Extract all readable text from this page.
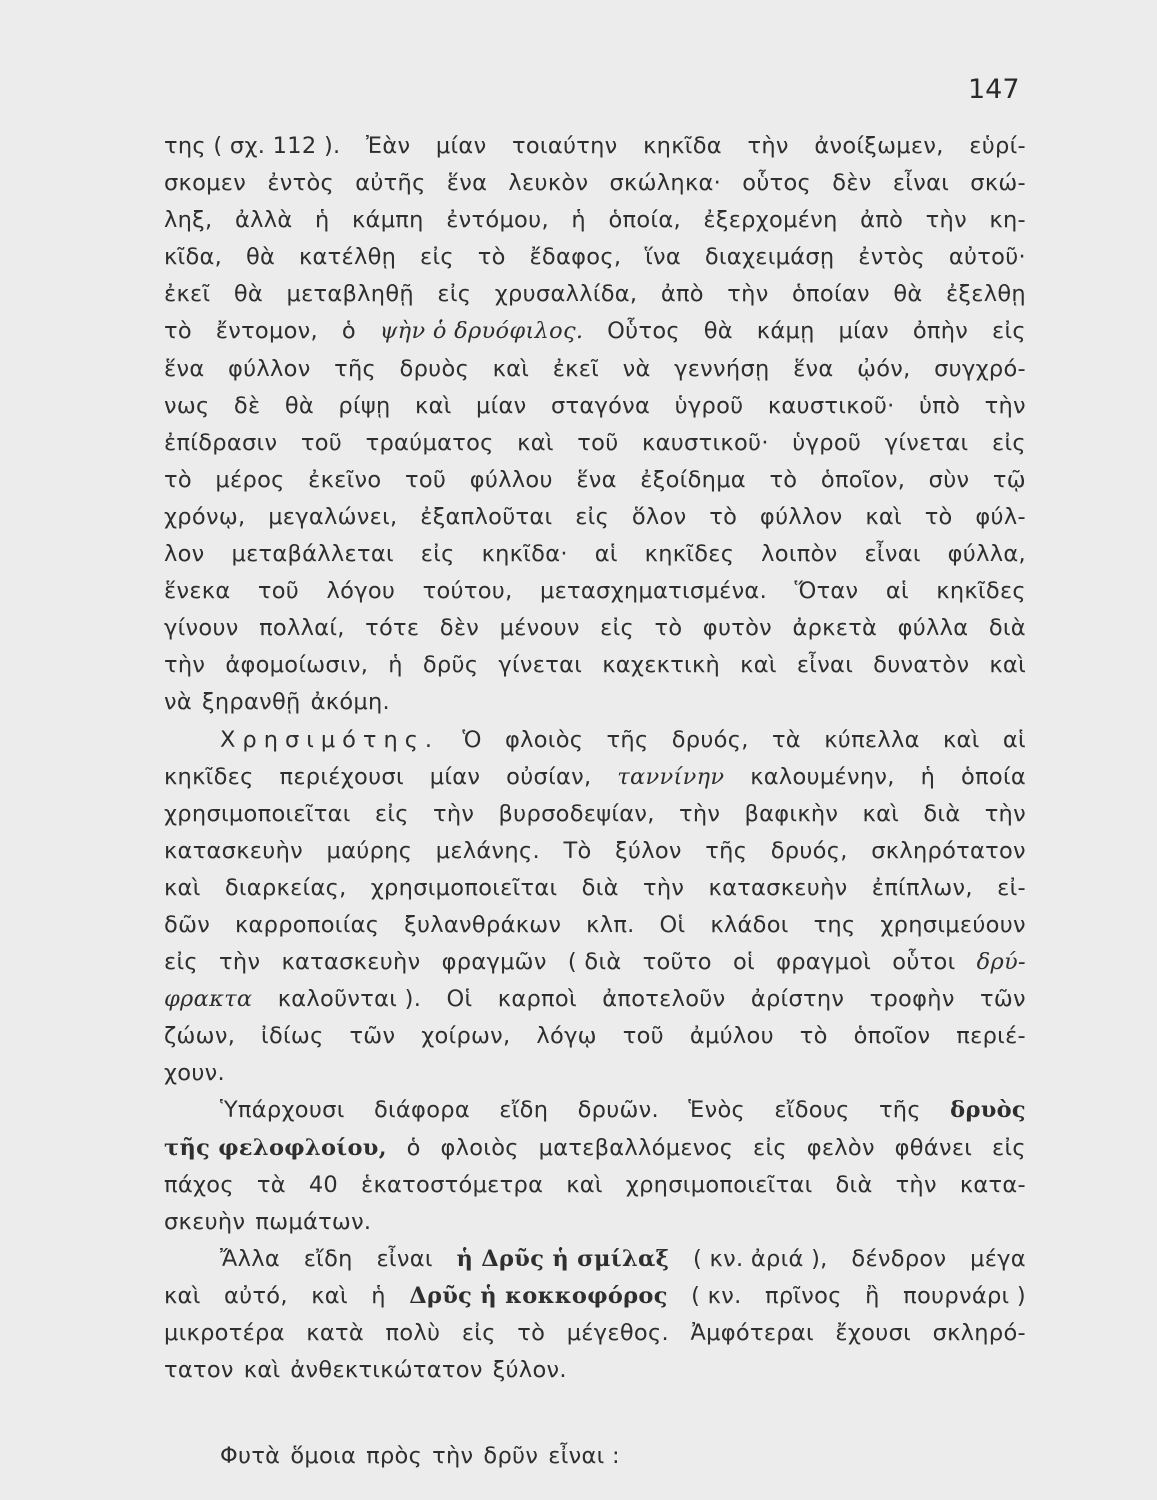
147
της ( σχ. 112 ). Ἐὰν μίαν τοιαύτην κηκῖδα τὴν ἀνοίξωμεν, εὑρί-
σκομεν ἐντὸς αὐτῆς ἕνα λευκὸν σκώληκα· οὗτος δὲν εἶναι σκώ-
ληξ, ἀλλὰ ἡ κάμπη ἐντόμου, ἡ ὁποία, ἐξερχομένη ἀπὸ τὴν κη-
κῖδα, θὰ κατέλθῃ εἰς τὸ ἔδαφος, ἵνα διαχειμάσῃ ἐντὸς αὐτοῦ·
ἐκεῖ θὰ μεταβληθῇ εἰς χρυσαλλίδα, ἀπὸ τὴν ὁποίαν θὰ ἐξελθῃ
τὸ ἔντομον, ὁ ψὴν ὁ δρυόφιλος. Οὗτος θὰ κάμῃ μίαν ὀπὴν εἰς
ἕνα φύλλον τῆς δρυὸς καὶ ἐκεῖ νὰ γεννήσῃ ἕνα ᾠόν, συγχρό-
νως δὲ θὰ ρίψῃ καὶ μίαν σταγόνα ὑγροῦ καυστικοῦ· ὑπὸ τὴν
ἐπίδρασιν τοῦ τραύματος καὶ τοῦ καυστικοῦ· ὑγροῦ γίνεται εἰς
τὸ μέρος ἐκεῖνο τοῦ φύλλου ἕνα ἐξοίδημα τὸ ὁποῖον, σὺν τῷ
χρόνῳ, μεγαλώνει, ἐξαπλοῦται εἰς ὅλον τὸ φύλλον καὶ τὸ φύλ-
λον μεταβάλλεται εἰς κηκῖδα· αἱ κηκῖδες λοιπὸν εἶναι φύλλα,
ἕνεκα τοῦ λόγου τούτου, μετασχηματισμένα. Ὅταν αἱ κηκῖδες
γίνουν πολλαί, τότε δὲν μένουν εἰς τὸ φυτὸν ἀρκετὰ φύλλα διὰ
τὴν ἀφομοίωσιν, ἡ δρῦς γίνεται καχεκτικὴ καὶ εἶναι δυνατὸν καὶ
νὰ ξηρανθῇ ἀκόμη.
Χρησιμότης. Ὁ φλοιὸς τῆς δρυός, τὰ κύπελλα καὶ αἱ
κηκῖδες περιέχουσι μίαν οὐσίαν, ταννίνην καλουμένην, ἡ ὁποία
χρησιμοποιεῖται εἰς τὴν βυρσοδεψίαν, τὴν βαφικὴν καὶ διὰ τὴν
κατασκευὴν μαύρης μελάνης. Τὸ ξύλον τῆς δρυός, σκληρότατον
καὶ διαρκείας, χρησιμοποιεῖται διὰ τὴν κατασκευὴν ἐπίπλων, εἰ-
δῶν καρροποιίας ξυλανθράκων κλπ. Οἱ κλάδοι της χρησιμεύουν
εἰς τὴν κατασκευὴν φραγμῶν ( διὰ τοῦτο οἱ φραγμοὶ οὗτοι δρύ-
φρακτα καλοῦνται ). Οἱ καρποὶ ἀποτελοῦν ἀρίστην τροφὴν τῶν
ζώων, ἰδίως τῶν χοίρων, λόγῳ τοῦ ἀμύλου τὸ ὁποῖον περιέ-
χουν.
Ὑπάρχουσι διάφορα εἴδη δρυῶν. Ἑνὸς εἴδους τῆς δρυὸς
τῆς φελοφλοίου, ὁ φλοιὸς ματεβαλλόμενος εἰς φελὸν φθάνει εἰς
πάχος τὰ 40 ἑκατοστόμετρα καὶ χρησιμοποιεῖται διὰ τὴν κατα-
σκευὴν πωμάτων.
Ἄλλα εἴδη εἶναι ἡ Δρῦς ἡ σμίλαξ ( κν. ἀριά ), δένδρον μέγα
καὶ αὐτό, καὶ ἡ Δρῦς ἡ κοκκοφόρος ( κν. πρῖνος ἢ πουρνάρι )
μικροτέρα κατὰ πολὺ εἰς τὸ μέγεθος. Ἀμφότεραι ἔχουσι σκληρό-
τατον καὶ ἀνθεκτικώτατον ξύλον.
Φυτὰ ὅμοια πρὸς τὴν δρῦν εἶναι :
